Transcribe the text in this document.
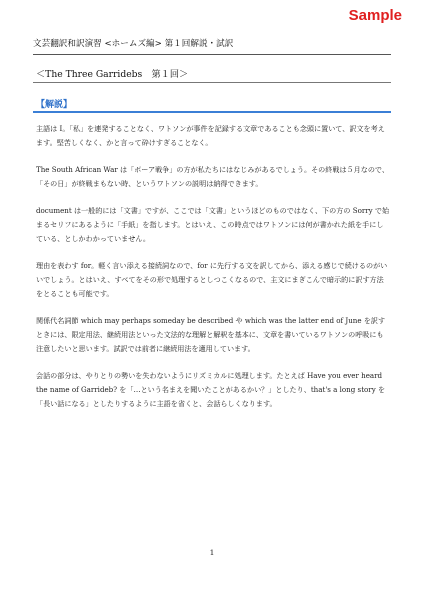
Sample
文芸翻訳和訳演習 <ホームズ編> 第１回解説・試訳
＜The Three Garridebs　第１回＞
【解説】

主語は I。「私」を連発することなく、ワトソンが事件を記録する文章であることも念頭に置いて、訳文を考えます。堅苦しくなく、かと言って砕けすぎることなく。

The South African War は「ボーア戦争」の方が私たちにはなじみがあるでしょう。その終戦は５月なので、「その日」が終戦まもない時、というワトソンの説明は納得できます。

document は一般的には「文書」ですが、ここでは「文書」というほどのものではなく、下の方の Sorry で始まるセリフにあるように「手紙」を指します。とはいえ、この時点ではワトソンには何が書かれた紙を手にしている、としかわかっていません。

理由を表わす for。軽く言い添える接続詞なので、for に先行する文を訳してから、添える感じで続けるのがいいでしょう。とはいえ、すべてをその形で処理するとしつこくなるので、主文にまぎこんで暗示的に訳す方法をとることも可能です。

関係代名詞節 which may perhaps someday be described や which was the latter end of June を訳すときには、限定用法、継続用法といった文法的な理解と解釈を基本に、文章を書いているワトソンの呼吸にも注意したいと思います。試訳では前者に継続用法を適用しています。

会話の部分は、やりとりの勢いを失わないようにリズミカルに処理します。たとえば Have you ever heard the name of Garrideb? を「…という名まえを聞いたことがあるかい？」としたり、that's a long story を「長い話になる」としたりするように主語を省くと、会話らしくなります。

1
